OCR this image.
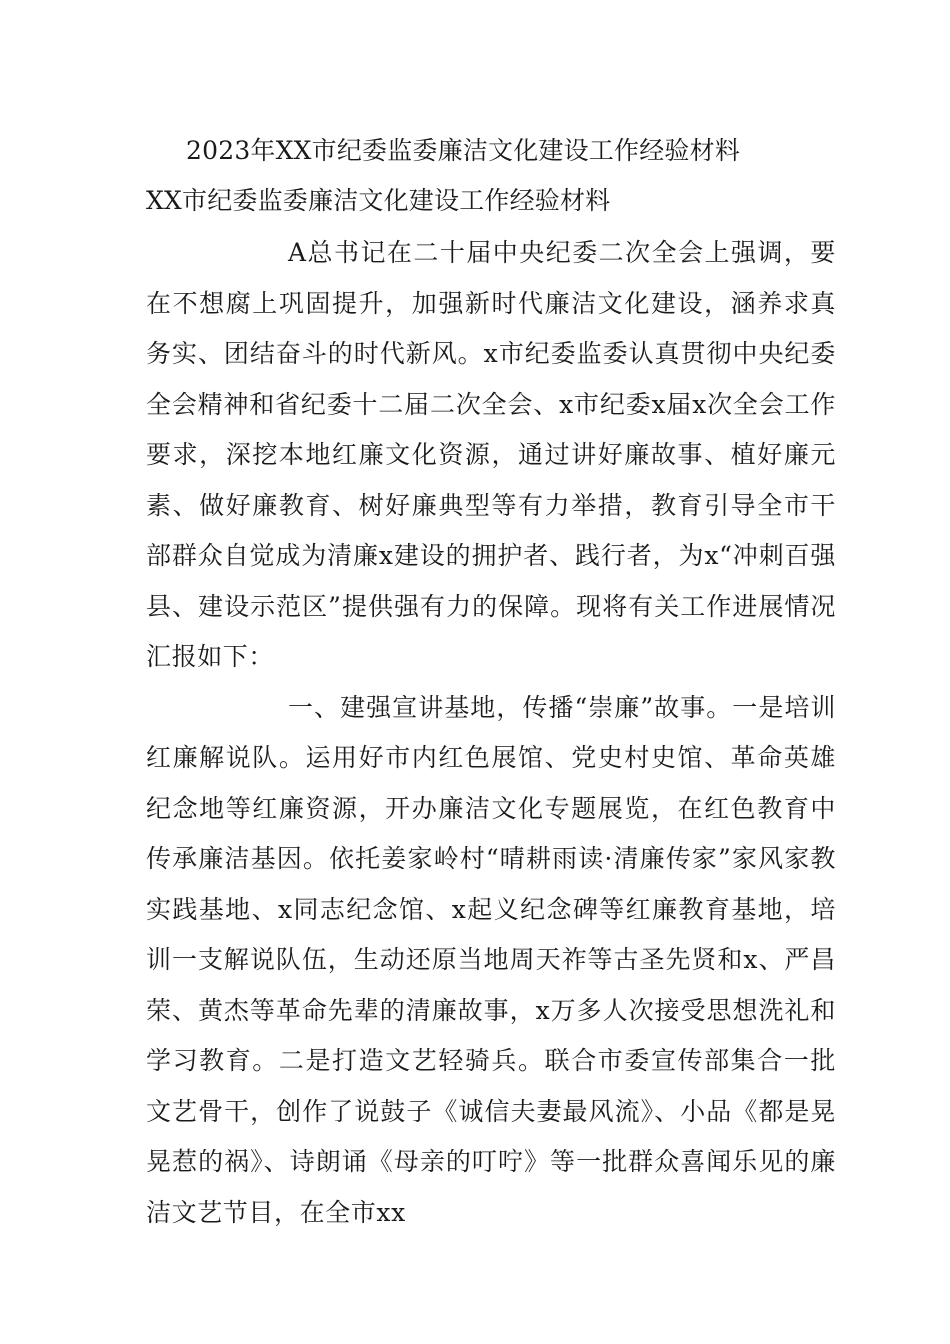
2023年XX市纪委监委廉洁文化建设工作经验材料
XX市纪委监委廉洁文化建设工作经验材料

A总书记在二十届中央纪委二次全会上强调，要在不想腐上巩固提升，加强新时代廉洁文化建设，涵养求真务实、团结奋斗的时代新风。x市纪委监委认真贯彻中央纪委全会精神和省纪委十二届二次全会、x市纪委x届x次全会工作要求，深挖本地红廉文化资源，通过讲好廉故事、植好廉元素、做好廉教育、树好廉典型等有力举措，教育引导全市干部群众自觉成为清廉x建设的拥护者、践行者，为x“冲刺百强县、建设示范区”提供强有力的保障。现将有关工作进展情况汇报如下：

一、建强宣讲基地，传播“崇廉”故事。一是培训红廉解说队。运用好市内红色展馆、党史村史馆、革命英雄纪念地等红廉资源，开办廉洁文化专题展览，在红色教育中传承廉洁基因。依托姜家岭村“晴耕雨读·清廉传家”家风家教实践基地、x同志纪念馆、x起义纪念碑等红廉教育基地，培训一支解说队伍，生动还原当地周天祚等古圣先贤和x、严昌荣、黄杰等革命先辈的清廉故事，x万多人次接受思想洗礼和学习教育。二是打造文艺轻骑兵。联合市委宣传部集合一批文艺骨干，创作了说鼓子《诚信夫妻最风流》、小品《都是晃晃惹的祸》、诗朗诵《母亲的叮咛》等一批群众喜闻乐见的廉洁文艺节目，在全市xx
